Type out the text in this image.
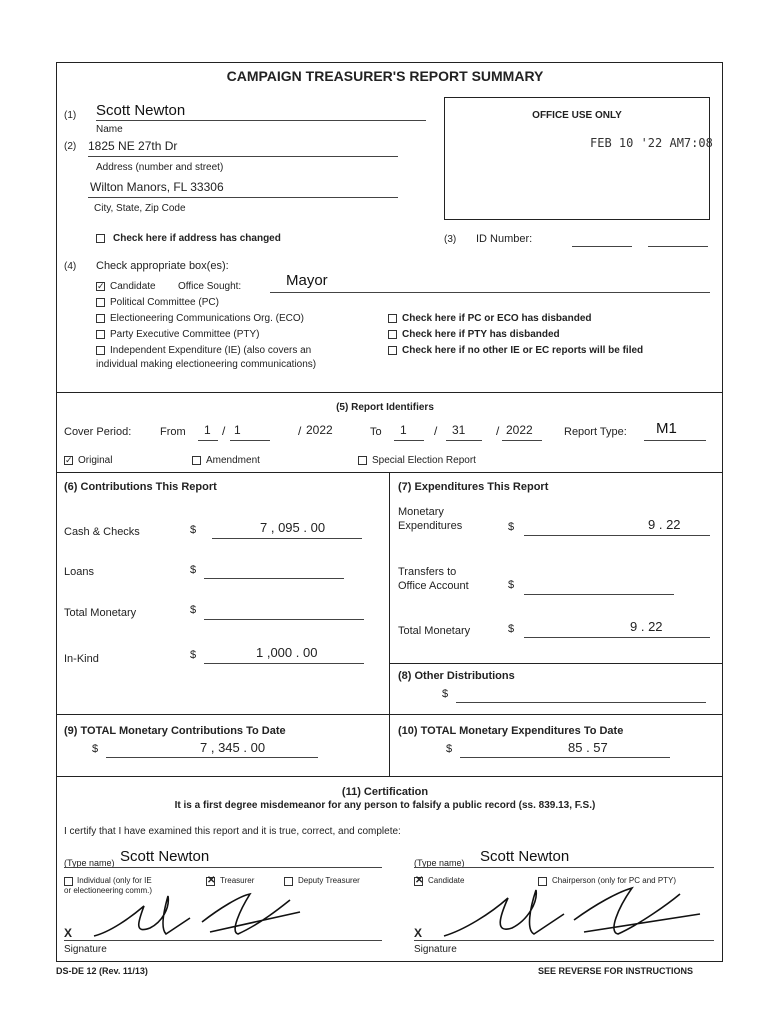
CAMPAIGN TREASURER'S REPORT SUMMARY
(1) Scott Newton
Name
(2) 1825 NE 27th Dr
Address (number and street)
Wilton Manors, FL 33306
City, State, Zip Code
Check here if address has changed
OFFICE USE ONLY
FEB 10 '22 AM7:08
(3) ID Number:
(4) Check appropriate box(es):
✓
Candidate Office Sought:	Mayor
Political Committee (PC)
Electioneering Communications Org. (ECO)
Party Executive Committee (PTY)
Independent Expenditure (IE) (also covers an
individual making electioneering communications)
Check here if PC or ECO has disbanded
Check here if PTY has disbanded
Check here if no other IE or EC reports will be filed
(5) Report Identifiers
Cover Period:	From 1 / 1	/ 2022	To 1 / 31	/ 2022	Report Type: M1
✓
Original	Amendment	Special Election Report
(6) Contributions This Report
Cash & Checks	$	7 , 095 . 00
Loans	$
Total Monetary	$
In-Kind	$	1 ,000 . 00
(7) Expenditures This Report
Monetary
Expenditures	$	9 . 22
Transfers to
Office Account	$
Total Monetary	$	9 . 22
(8) Other Distributions
$
(9) TOTAL Monetary Contributions To Date
$	7 , 345 . 00
(10) TOTAL Monetary Expenditures To Date
$	85 . 57
(11) Certification
It is a first degree misdemeanor for any person to falsify a public record (ss. 839.13, F.S.)
I certify that I have examined this report and it is true, correct, and complete:
(Type name) Scott Newton
Individual (only for IE
or electioneering comm.)
✕
Treasurer	Deputy Treasurer
X
Signature
(Type name) Scott Newton
✕
Candidate	Chairperson (only for PC and PTY)
X
Signature
DS-DE 12 (Rev. 11/13)	SEE REVERSE FOR INSTRUCTIONS
